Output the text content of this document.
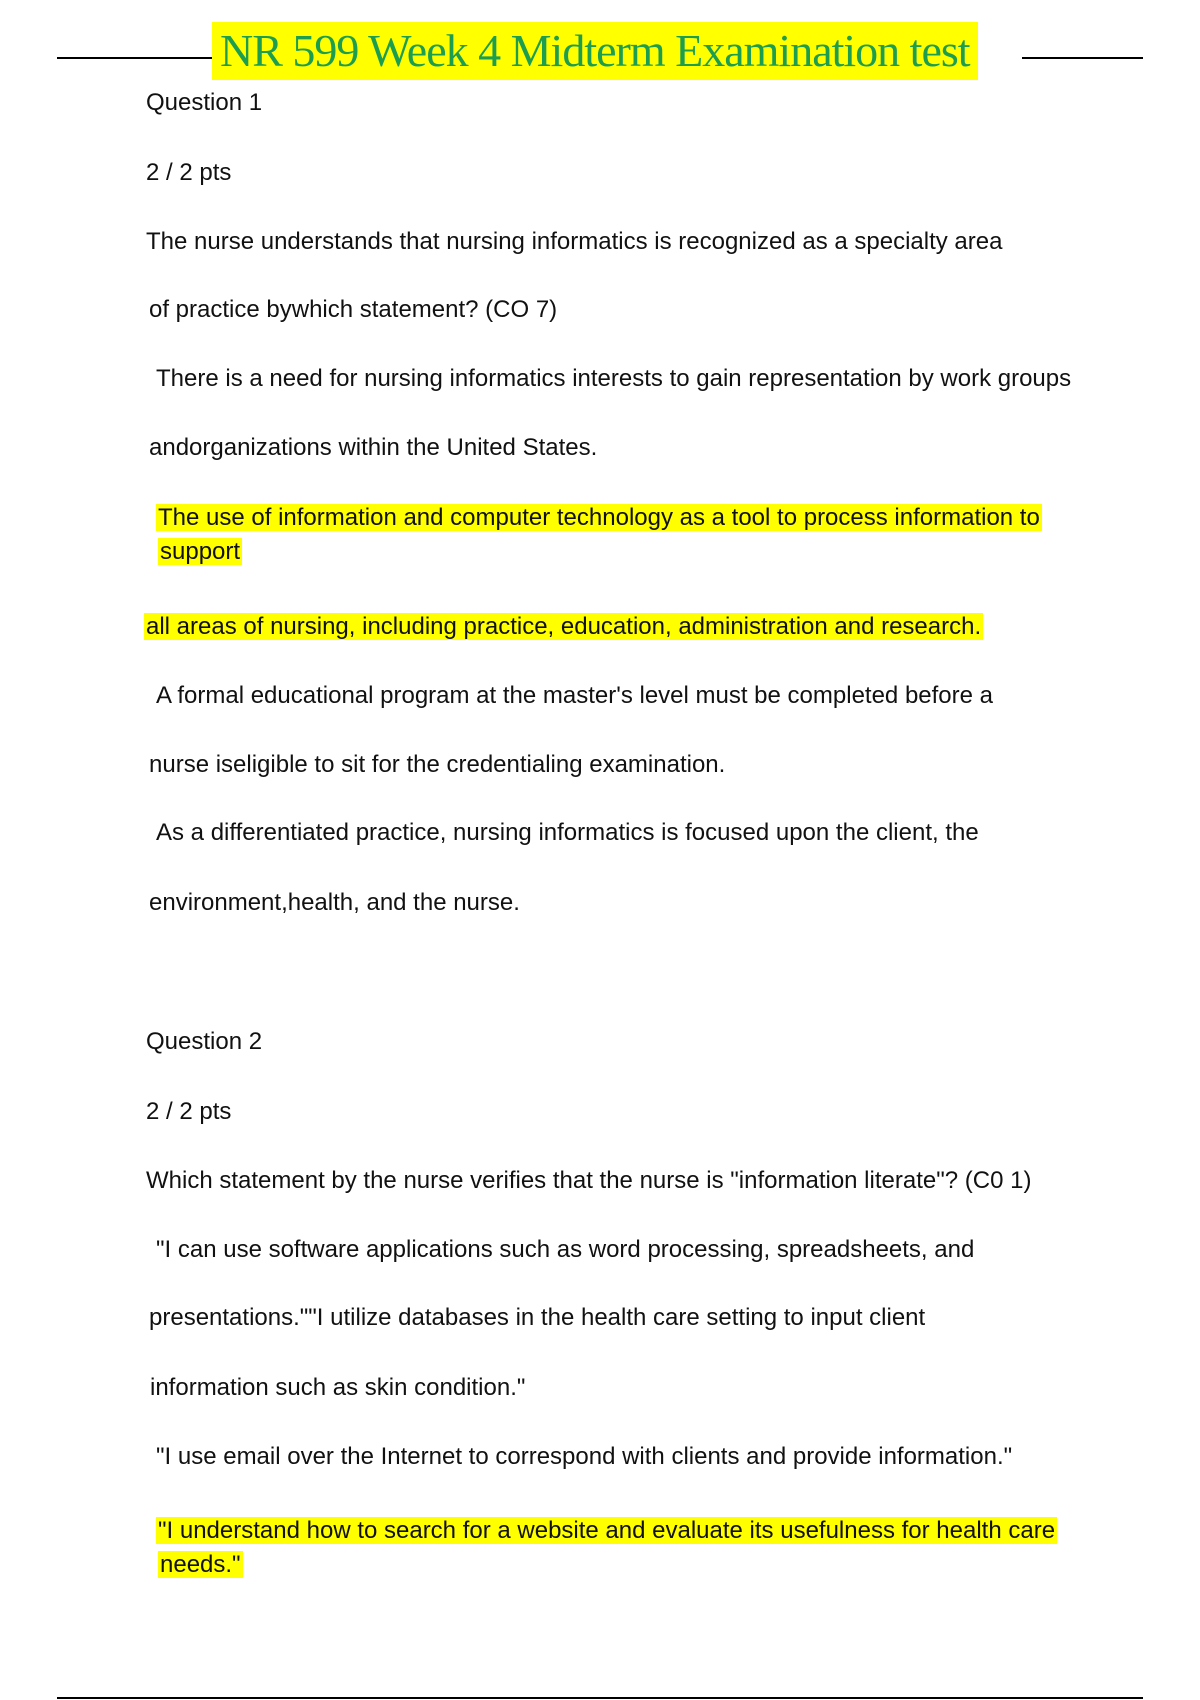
NR 599 Week 4 Midterm Examination test
Question 1
2 / 2 pts
The nurse understands that nursing informatics is recognized as a specialty area
of practice bywhich statement? (CO 7)
There is a need for nursing informatics interests to gain representation by work groups
andorganizations within the United States.
The use of information and computer technology as a tool to process information to
support
all areas of nursing, including practice, education, administration and research.
A formal educational program at the master's level must be completed before a
nurse iseligible to sit for the credentialing examination.
As a differentiated practice, nursing informatics is focused upon the client, the
environment,health, and the nurse.
Question 2
2 / 2 pts
Which statement by the nurse verifies that the nurse is "information literate"? (C0 1)
"I can use software applications such as word processing, spreadsheets, and
presentations.""I utilize databases in the health care setting to input client
information such as skin condition."
"I use email over the Internet to correspond with clients and provide information."
"I understand how to search for a website and evaluate its usefulness for health care
needs."
